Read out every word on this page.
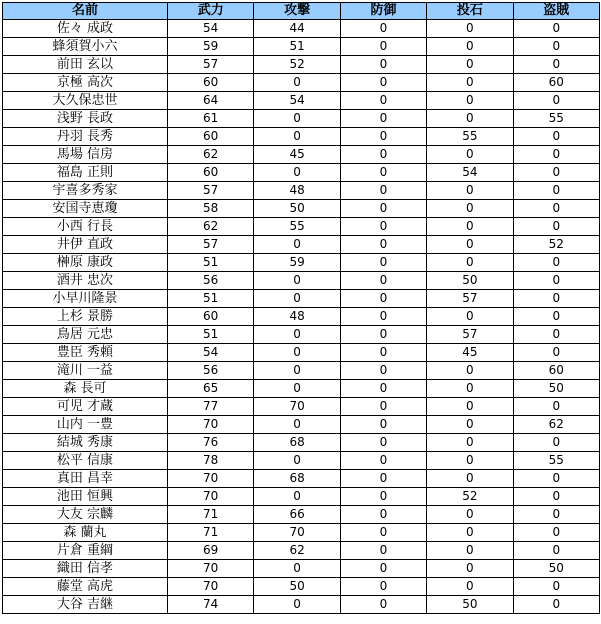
名前	武力	攻撃	防御	投石	盗賊
佐々 成政	54	44	0	0	0
蜂須賀小六	59	51	0	0	0
前田 玄以	57	52	0	0	0
京極 高次	60	0	0	0	60
大久保忠世	64	54	0	0	0
浅野 長政	61	0	0	0	55
丹羽 長秀	60	0	0	55	0
馬場 信房	62	45	0	0	0
福島 正則	60	0	0	54	0
宇喜多秀家	57	48	0	0	0
安国寺恵瓊	58	50	0	0	0
小西 行長	62	55	0	0	0
井伊 直政	57	0	0	0	52
榊原 康政	51	59	0	0	0
酒井 忠次	56	0	0	50	0
小早川隆景	51	0	0	57	0
上杉 景勝	60	48	0	0	0
鳥居 元忠	51	0	0	57	0
豊臣 秀頼	54	0	0	45	0
滝川 一益	56	0	0	0	60
森 長可	65	0	0	0	50
可児 才蔵	77	70	0	0	0
山内 一豊	70	0	0	0	62
結城 秀康	76	68	0	0	0
松平 信康	78	0	0	0	55
真田 昌幸	70	68	0	0	0
池田 恒興	70	0	0	52	0
大友 宗麟	71	66	0	0	0
森 蘭丸	71	70	0	0	0
片倉 重綱	69	62	0	0	0
織田 信孝	70	0	0	0	50
藤堂 高虎	70	50	0	0	0
大谷 吉継	74	0	0	50	0
